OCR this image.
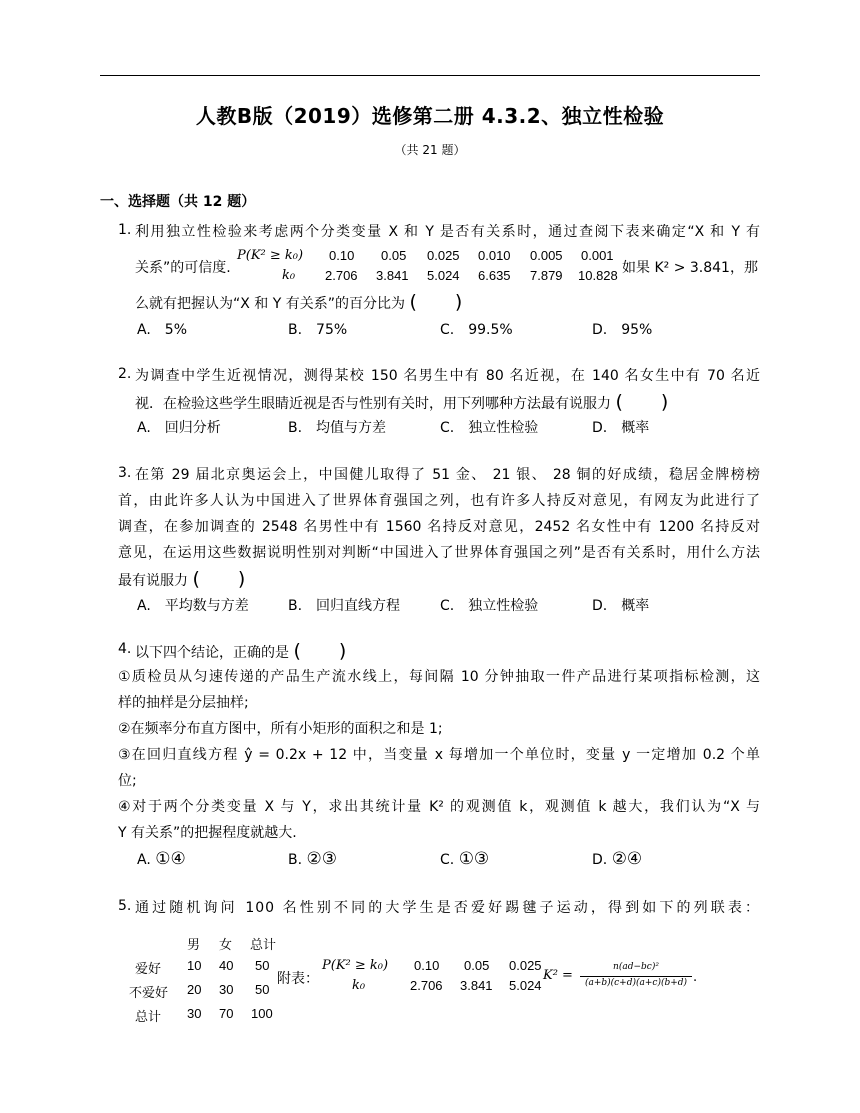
人教B版（2019）选修第二册 4.3.2、独立性检验
（共 21 题）
一、选择题（共 12 题）
1. 利用独立性检验来考虑两个分类变量 X 和 Y 是否有关系时，通过查阅下表来确定“X 和 Y 有
关系”的可信度.
P(K² ≥ k₀) 0.10 0.05 0.025 0.010 0.005 0.001
k₀ 2.706 3.841 5.024 6.635 7.879 10.828 如果 K² > 3.841，那
么就有把握认为“X 和 Y 有关系”的百分比为 (　　)
A.　5%	B.　75%	C.　99.5%	D.　95%
2. 为调查中学生近视情况，测得某校 150 名男生中有 80 名近视，在 140 名女生中有 70 名近
视．在检验这些学生眼睛近视是否与性别有关时，用下列哪种方法最有说服力 (　　)
A.　回归分析	B.　均值与方差	C.　独立性检验	D.　概率
3. 在第 29 届北京奥运会上，中国健儿取得了 51 金、 21 银、 28 铜的好成绩，稳居金牌榜榜
首，由此许多人认为中国进入了世界体育强国之列，也有许多人持反对意见，有网友为此进行了
调查，在参加调查的 2548 名男性中有 1560 名持反对意见，2452 名女性中有 1200 名持反对
意见，在运用这些数据说明性别对判断“中国进入了世界体育强国之列”是否有关系时，用什么方法
最有说服力 (　　)
A.　平均数与方差	B.　回归直线方程	C.　独立性检验	D.　概率
4. 以下四个结论，正确的是 (　　)
①质检员从匀速传递的产品生产流水线上，每间隔 10 分钟抽取一件产品进行某项指标检测，这
样的抽样是分层抽样;
②在频率分布直方图中，所有小矩形的面积之和是 1;
③在回归直线方程 ŷ = 0.2x + 12 中，当变量 x 每增加一个单位时，变量 y 一定增加 0.2 个单
位;
④对于两个分类变量 X 与 Y，求出其统计量 K² 的观测值 k，观测值 k 越大，我们认为“X 与
Y 有关系”的把握程度就越大.
A. ①④	B. ②③	C. ①③	D. ②④
5. 通过随机询问 100 名性别不同的大学生是否爱好踢毽子运动，得到如下的列联表：
男 女 总计
爱好 10 40 50
不爱好 20 30 50
总计 30 70 100
附表：
P(K² ≥ k₀) 0.10 0.05 0.025
k₀	2.706 3.841 5.024
K² =
n(ad−bc)²
(a+b)(c+d)(a+c)(b+d) .
